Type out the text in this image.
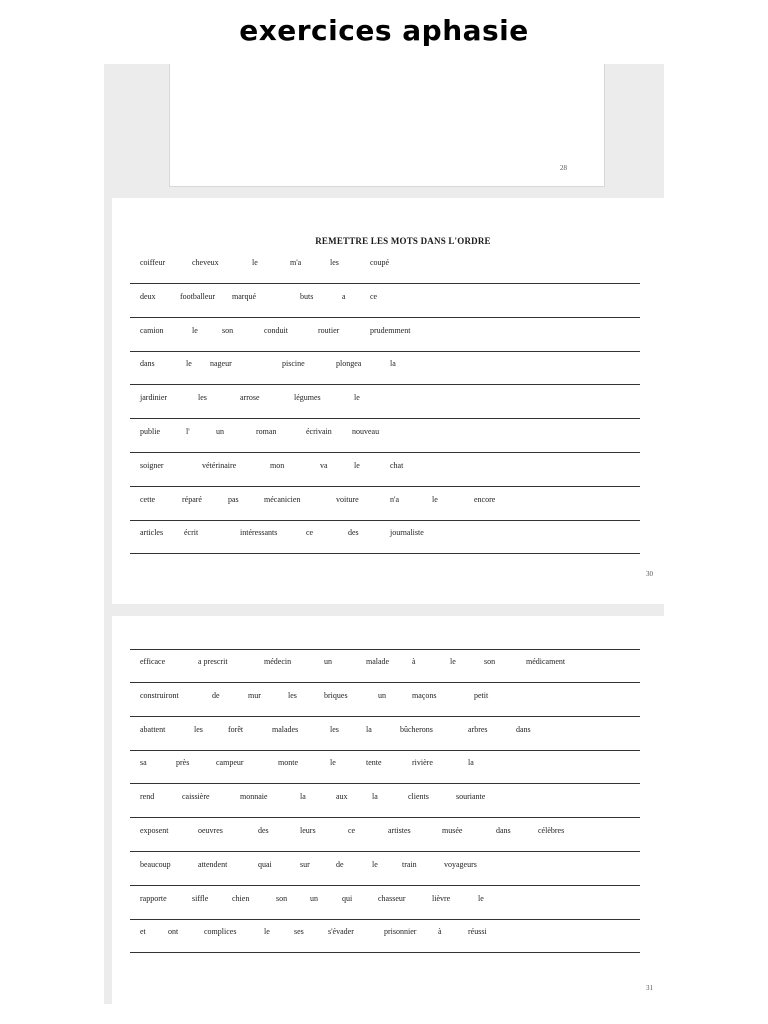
exercices aphasie
28
REMETTRE LES MOTS DANS L'ORDRE
coiffeur	cheveux	le	m'a	les	coupé
deux	footballeur marqué	buts	a	ce
camion	le	son	conduit	routier	prudemment
dans	le nageur	piscine	plongea	la
jardinier	les	arrose	légumes	le
publie	l'	un	roman	écrivain	nouveau
soigner	vétérinaire	mon	va	le	chat
cette	réparé	pas	mécanicien	voiture	n'a	le	encore
articles	écrit	intéressants	ce	des	journaliste
30
efficace	a prescrit	médecin	un	malade	à	le	son	médicament
construiront	de	mur	les	briques	un	maçons	petit
abattent	les	forêt	malades	les	la	bûcherons	arbres	dans
sa	près	campeur	monte	le	tente	rivière	la
rend	caissière	monnaie	la	aux	la	clients	souriante
exposent	oeuvres	des	leurs	ce	artistes	musée	dans	célèbres
beaucoup	attendent	quai	sur	de	le	train	voyageurs
rapporte	siffle	chien	son	un	qui	chasseur	lièvre	le
et	ont	complices	le	ses	s'évader	prisonnier	à	réussi
31
